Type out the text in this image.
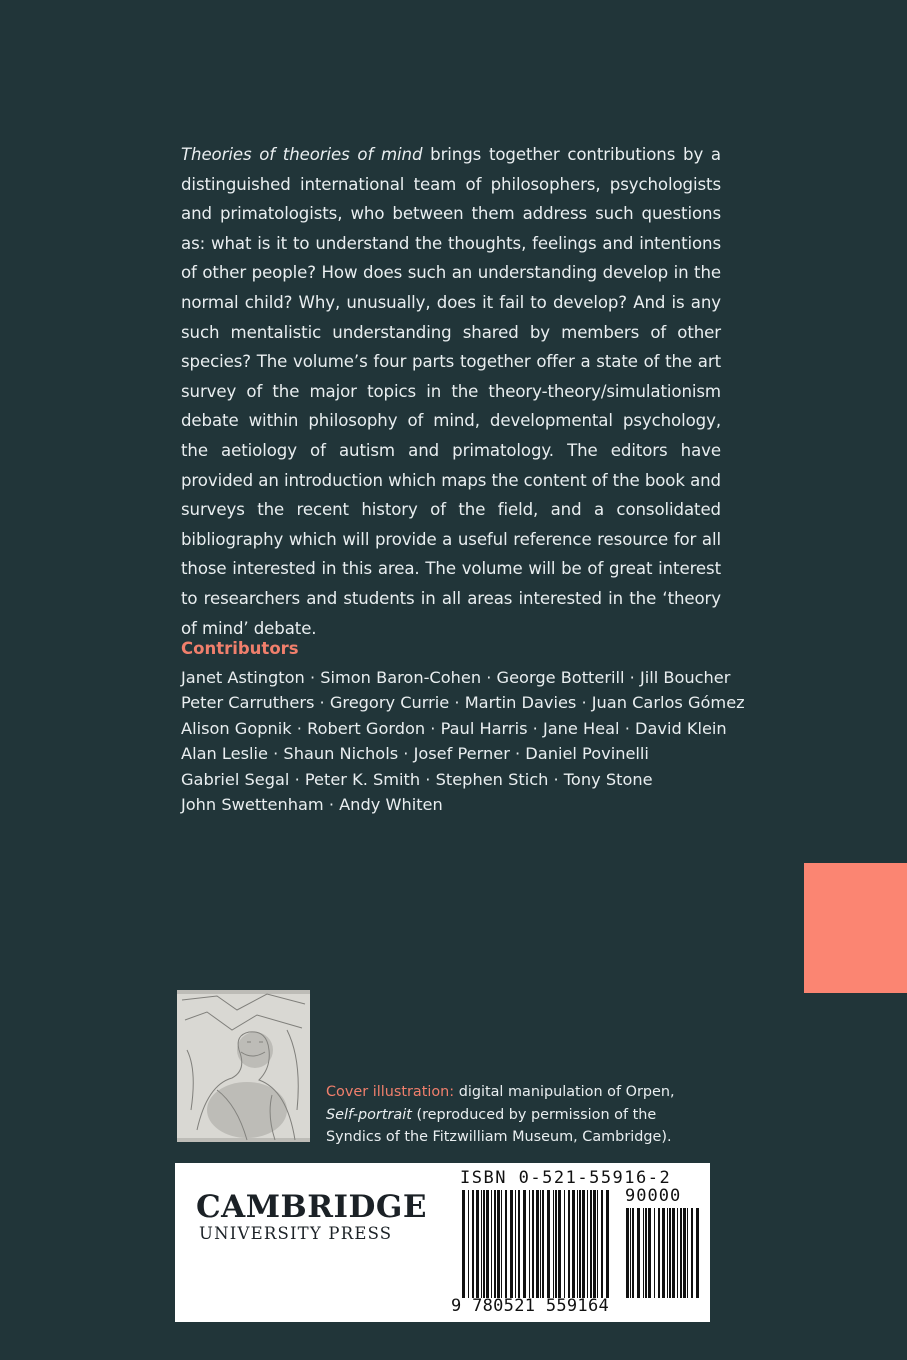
Theories of theories of mind brings together contributions by a distinguished international team of philosophers, psychologists and primatologists, who between them address such questions as: what is it to understand the thoughts, feelings and intentions of other people? How does such an understanding develop in the normal child? Why, unusually, does it fail to develop? And is any such mentalistic understanding shared by members of other species? The volume’s four parts together offer a state of the art survey of the major topics in the theory-theory/simulationism debate within philosophy of mind, developmental psychology, the aetiology of autism and primatology. The editors have provided an introduction which maps the content of the book and surveys the recent history of the field, and a consolidated bibliography which will provide a useful reference resource for all those interested in this area. The volume will be of great interest to researchers and students in all areas interested in the ‘theory of mind’ debate.
Contributors
Janet Astington · Simon Baron-Cohen · George Botterill · Jill Boucher
Peter Carruthers · Gregory Currie · Martin Davies · Juan Carlos Gómez
Alison Gopnik · Robert Gordon · Paul Harris · Jane Heal · David Klein
Alan Leslie · Shaun Nichols · Josef Perner · Daniel Povinelli
Gabriel Segal · Peter K. Smith · Stephen Stich · Tony Stone
John Swettenham · Andy Whiten
Cover illustration: digital manipulation of Orpen,
Self-portrait (reproduced by permission of the Syndics of the Fitzwilliam Museum, Cambridge).
CAMBRIDGE
UNIVERSITY PRESS
ISBN 0-521-55916-2
90000
9 780521 559164
